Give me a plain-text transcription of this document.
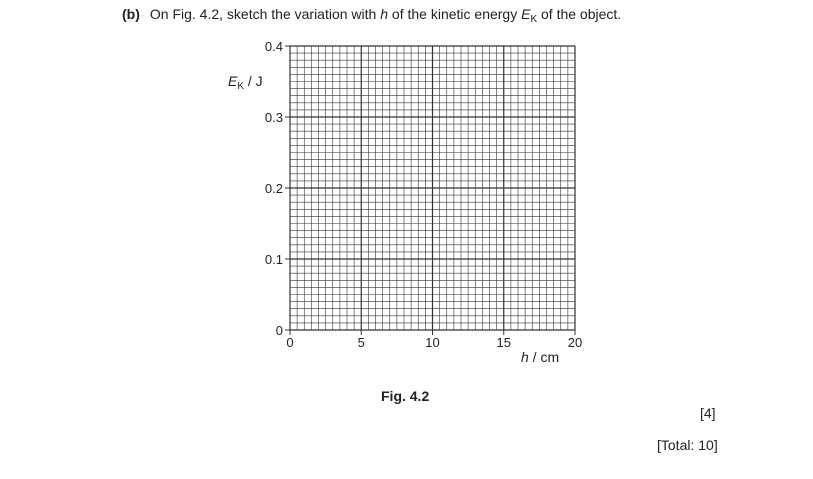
(b) On Fig. 4.2, sketch the variation with h of the kinetic energy $E_K$ of the object.
$E_K$ / J
0	5	10	15	20
0
0.1
0.2
0.3
0.4
h / cm
Fig. 4.2
[4]
[Total: 10]
